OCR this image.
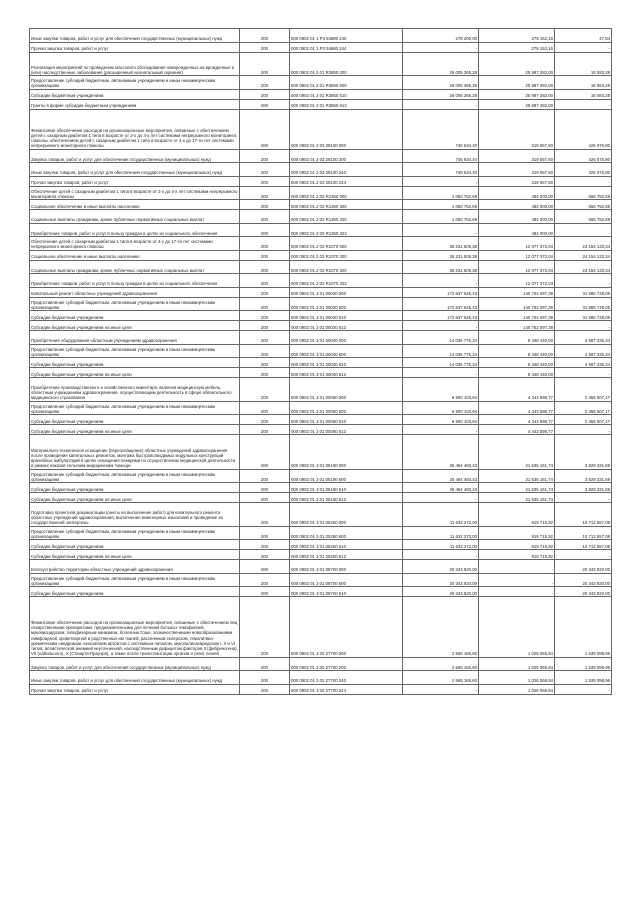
Иные закупки товаров, работ и услуг для обеспечения государственных (муниципальных) нужд	200	000 0902 01 1 Р3 54680 240	278 200,00	279 152,16	47,84
Прочая закупка товаров, работ и услуг	200	000 0902 01 1 Р3 54680 244	-	279 152,16	-
Реализация мероприятий по проведению массового обследования новорожденных на врожденные и (или) наследственные заболевания (расширенный неонатальный скрининг)	200	000 0902 01 2 01 R3850 000	26 005 365,28	25 987 282,00	18 083,28
Предоставление субсидий бюджетным, автономным учреждениям и иным некоммерческим организациям	200	000 0902 01 2 01 R3850 600	26 005 365,28	25 987 282,00	18 083,28
Субсидии бюджетным учреждениям	200	000 0902 01 2 01 R3850 610	26 005 365,28	25 987 282,00	18 083,28
Гранты в форме субсидии бюджетным учреждениям	200	000 0902 01 2 01 R3850 613	-	25 987 282,00	-
Финансовое обеспечение расходов на организационные мероприятия, связанные с обеспечением детей с сахарным диабетом 1 типа в возрасте от 2-х до 4-х лет системами непрерывного мониторинга глюкозы, обеспечением детей с сахарным диабетом 1 типа в возрасте от 4-х до 17-ти лет системами непрерывного мониторинга глюкозы	200	000 0902 01 2 03 28100 000	745 634,40	319 557,60	426 076,80
Закупка товаров, работ и услуг для обеспечения государственных (муниципальных) нужд	200	000 0902 01 2 03 28100 200	745 634,40	319 557,60	426 076,80
Иные закупки товаров, работ и услуг для обеспечения государственных (муниципальных) нужд	200	000 0902 01 2 03 28100 240	745 634,40	319 557,60	426 076,80
Прочая закупка товаров, работ и услуг	200	000 0902 01 2 03 28100 244	-	319 557,60	-
Обеспечение детей с сахарным диабетом 1 типа в возрасте от 2-х до 4-х лет системами непрерывного мониторинга глюкозы	200	000 0902 01 2 03 R1360 000	1 050 752,69	484 000,00	566 752,69
Социальное обеспечение и иные выплаты населению	200	000 0902 01 2 03 R1360 300	1 050 752,69	484 000,00	566 752,69
Социальные выплаты гражданам, кроме публичных нормативных социальных выплат	200	000 0902 01 2 03 R1360 320	1 050 752,69	484 000,00	566 752,69
Приобретение товаров, работ и услуг в пользу граждан в целях их социального обеспечения	200	000 0902 01 2 03 R1360 323	-	484 000,00	-
Обеспечение детей с сахарным диабетом 1 типа в возрасте от 4-х до 17-ти лет системами непрерывного мониторинга глюкозы	200	000 0902 01 2 03 R1070 000	36 231 505,38	12 077 372,04	24 154 133,34
Социальное обеспечение и иные выплаты населению	200	000 0902 01 2 03 R1070 300	36 231 505,38	12 077 372,04	24 154 133,34
Социальные выплаты гражданам, кроме публичных нормативных социальных выплат	200	000 0902 01 2 03 R1070 320	36 231 505,38	12 077 372,04	24 154 133,34
Приобретение товаров, работ и услуг в пользу граждан в целях их социального обеспечения	200	000 0902 01 2 03 R1070 323	-	12 077 372,04	-
Капитальный ремонт областных учреждений здравоохранения	200	000 0902 01 3 01 00030 000	172 637 645,43	140 752 097,38	31 885 748,05
Предоставление субсидий бюджетным, автономным учреждениям и иным некоммерческим организациям	200	000 0902 01 3 01 00030 600	172 637 645,43	140 752 097,38	31 885 748,05
Субсидии бюджетным учреждениям	200	000 0902 01 3 01 00030 610	172 637 645,43	140 752 097,38	31 885 748,05
Субсидии бюджетным учреждениям на иные цели	200	000 0902 01 3 01 00030 612	-	140 752 097,38	-
Приобретение оборудования областным учреждениям здравоохранения	200	000 0902 01 3 01 00040 000	14 035 775,34	9 448 440,00	4 587 335,34
Предоставление субсидий бюджетным, автономным учреждениям и иным некоммерческим организациям	200	000 0902 01 3 01 00040 600	14 035 775,34	9 448 440,00	4 587 335,34
Субсидии бюджетным учреждениям	200	000 0902 01 3 01 00040 610	14 035 775,34	9 448 440,00	4 587 335,34
Субсидии бюджетным учреждениям на иные цели	200	000 0902 01 3 01 00040 612	-	9 448 440,00	-
Приобретение производственного и хозяйственного инвентаря, включая медицинскую мебель, областным учреждениям здравоохранения, осуществляющим деятельность в сфере обязательного медицинского страхования	200	000 0902 01 3 01 00060 000	6 900 103,94	4 443 596,77	2 456 507,17
Предоставление субсидий бюджетным, автономным учреждениям и иным некоммерческим организациям	200	000 0902 01 3 01 00060 600	6 900 103,94	4 443 596,77	2 456 507,17
Субсидии бюджетным учреждениям	200	000 0902 01 3 01 00060 610	6 900 103,94	4 443 596,77	2 456 507,17
Субсидии бюджетным учреждениям на иные цели	200	000 0902 01 3 01 00060 612	-	4 443 596,77	-
Материально-техническое оснащение (переоснащение) областных учреждений здравоохранения после проведения капитальных ремонтов, монтажа быстровозводимых модульных конструкций врачебных амбулаторий в целях оснащения лекарями по осуществлению медицинской деятельности в рамках наказов сельским медицинским помощи	200	000 0902 01 3 01 05190 000	25 464 493,43	21 635 161,74	3 829 331,69
Предоставление субсидий бюджетным, автономным учреждениям и иным некоммерческим организациям	200	000 0902 01 3 01 05190 600	25 464 493,43	21 635 161,74	3 829 331,69
Субсидии бюджетным учреждениям	200	000 0902 01 3 01 05190 610	25 464 493,43	21 635 161,74	3 829 331,69
Субсидии бюджетным учреждениям на иные цели	200	000 0902 01 3 01 05190 612	-	21 635 161,74	-
Подготовка проектной документации (сметы на выполнение работ) для капитального ремонта областных учреждений здравоохранения, выполнение инженерных изысканий и проведение их государственной экспертизы	200	000 0902 01 3 01 05260 000	11 632 273,00	919 715,92	10 712 557,08
Предоставление субсидий бюджетным, автономным учреждениям и иным некоммерческим организациям	200	000 0902 01 3 01 05260 600	11 632 273,00	919 715,92	10 712 557,08
Субсидии бюджетным учреждениям	200	000 0902 01 3 01 05260 610	11 632 273,00	919 715,92	10 712 557,08
Субсидии бюджетным учреждениям на иные цели	200	000 0902 01 3 01 05260 612	-	919 715,92	-
Благоустройство территории областных учреждений здравоохранения	200	000 0902 01 3 01 08700 000	20 343 920,00	-	20 343 920,00
Предоставление субсидий бюджетным, автономным учреждениям и иным некоммерческим организациям	200	000 0902 01 3 01 08700 600	20 343 920,00	-	20 343 920,00
Субсидии бюджетным учреждениям	200	000 0902 01 3 01 08700 610	20 343 920,00	-	20 343 920,00
Финансовое обеспечение расходов на организационные мероприятия, связанные с обеспечением лиц лекарственными препаратами, предназначенными для лечения больных гемофилией, муковисцидозом, гипофизарным нанизмом, болезнью Гоше, злокачественными новообразованиями лимфоидной, кроветворной и родственных им тканей, рассеянным склерозом, гемолитико-уремическим синдромом, юношеским артритом с системным началом, мукополисахаридозом I, II и VI типов, апластической анемией неуточненной, наследственным дефицитом факторов II (фибриногена), VII (лабильного), X (Стюарта-Прауэра), а также после трансплантации органов и (или) тканей	200	000 0902 01 3 02 27700 000	2 565 165,60	1 026 066,84	1 539 098,96
Закупка товаров, работ и услуг для обеспечения государственных (муниципальных) нужд	200	000 0902 01 3 02 27700 200	2 565 165,60	1 026 066,84	1 539 098,96
Иные закупки товаров, работ и услуг для обеспечения государственных (муниципальных) нужд	200	000 0902 01 3 02 27700 240	2 565 165,60	1 026 066,84	1 539 098,96
Прочая закупка товаров, работ и услуг	200	000 0902 01 3 02 27700 244	-	1 026 066,84	-
